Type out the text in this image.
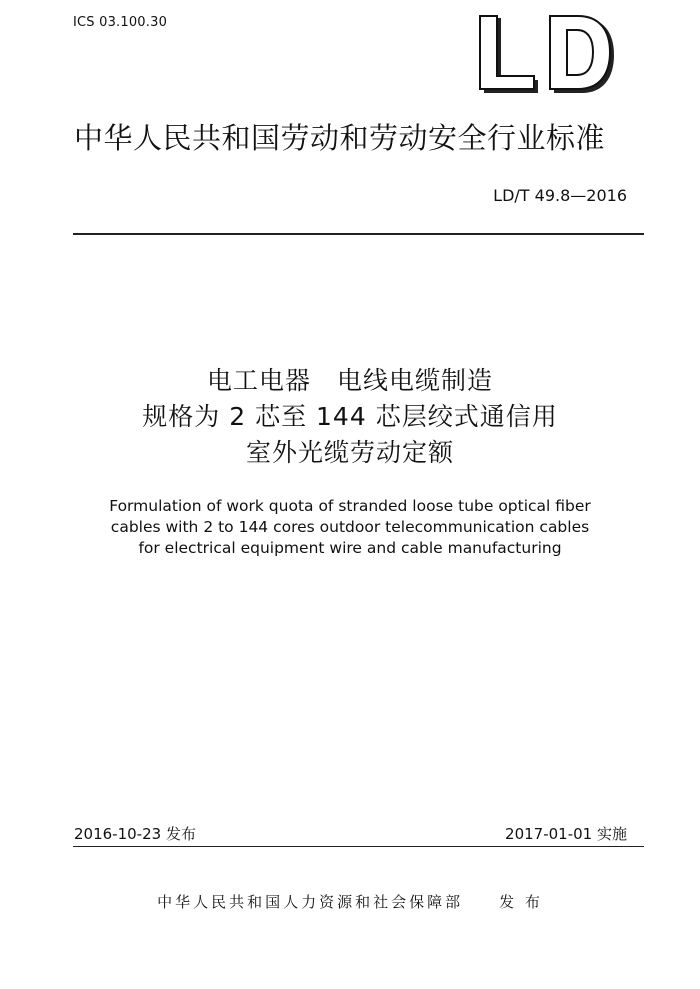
ICS 03.100.30
中华人民共和国劳动和劳动安全行业标准
LD/T 49.8—2016
电工电器　电线电缆制造
规格为 2 芯至 144 芯层绞式通信用
室外光缆劳动定额
Formulation of work quota of stranded loose tube optical fiber
cables with 2 to 144 cores outdoor telecommunication cables
for electrical equipment wire and cable manufacturing
2016-10-23 发布	2017-01-01 实施
中华人民共和国人力资源和社会保障部　　发 布
